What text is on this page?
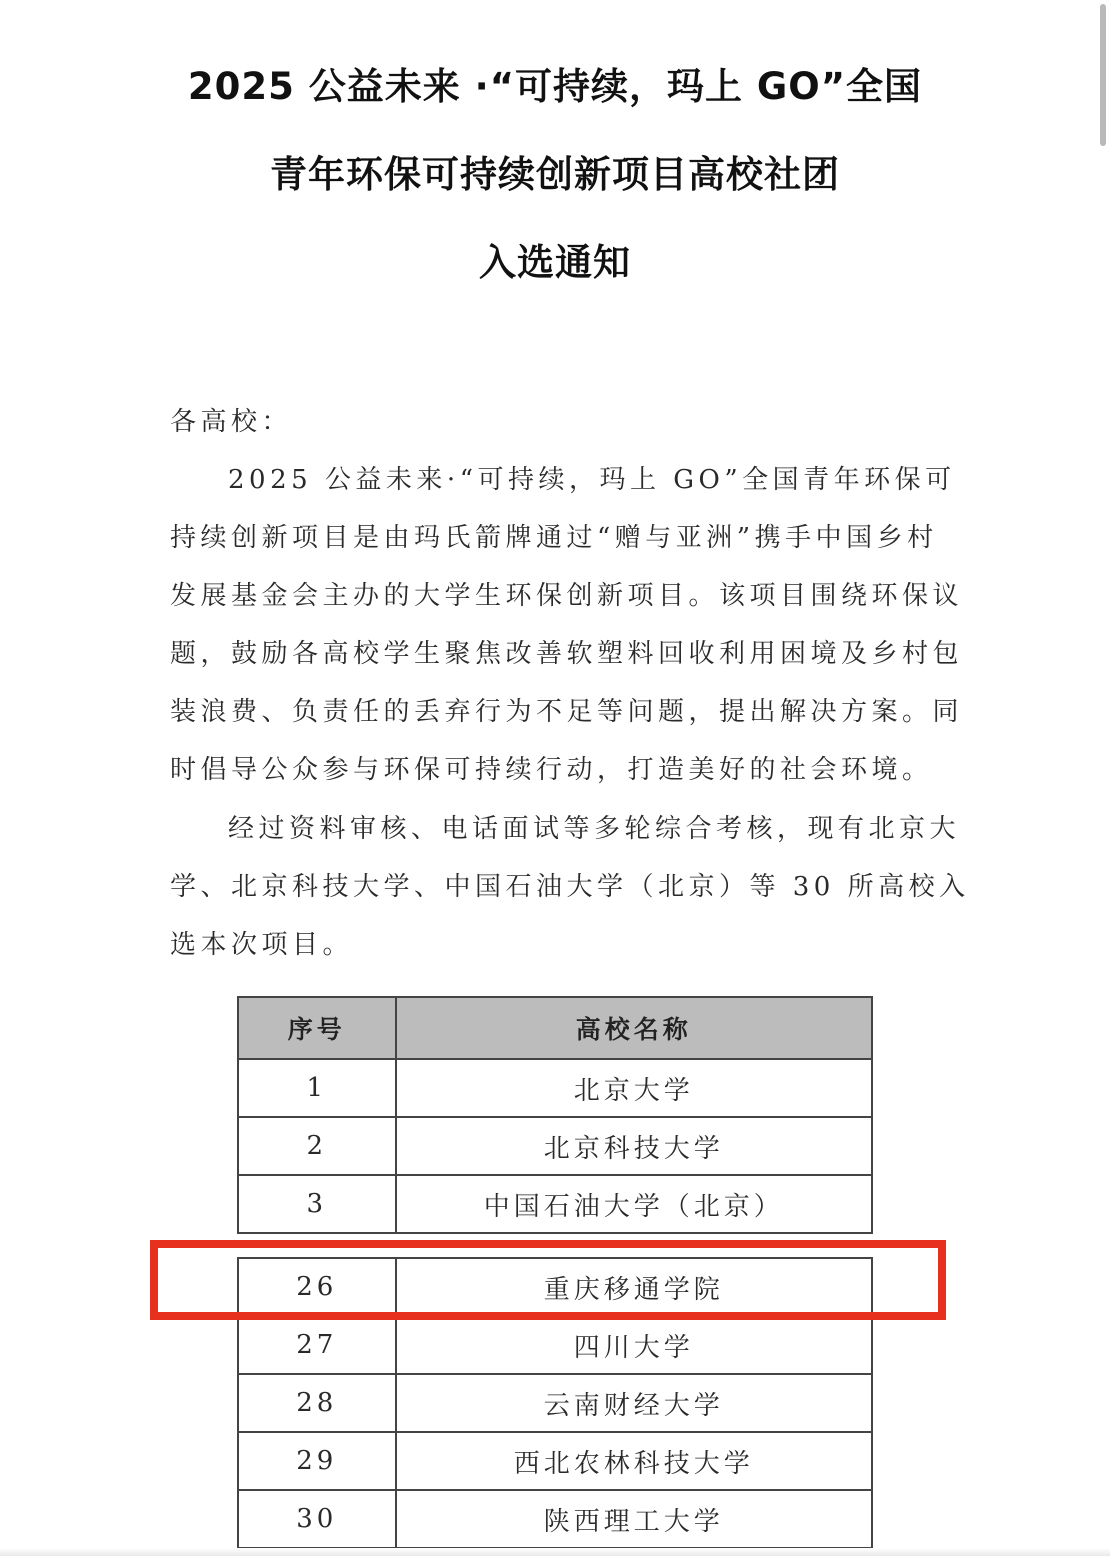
2025 公益未来 ·“可持续，玛上 GO”全国
青年环保可持续创新项目高校社团
入选通知
各高校：
2025 公益未来·“可持续，玛上 GO”全国青年环保可
持续创新项目是由玛氏箭牌通过“赠与亚洲”携手中国乡村
发展基金会主办的大学生环保创新项目。该项目围绕环保议
题，鼓励各高校学生聚焦改善软塑料回收利用困境及乡村包
装浪费、负责任的丢弃行为不足等问题，提出解决方案。同
时倡导公众参与环保可持续行动，打造美好的社会环境。
经过资料审核、电话面试等多轮综合考核，现有北京大
学、北京科技大学、中国石油大学（北京）等 30 所高校入
选本次项目。
序号	高校名称
1	北京大学
2	北京科技大学
3	中国石油大学（北京）
26	重庆移通学院
27	四川大学
28	云南财经大学
29	西北农林科技大学
30	陕西理工大学
